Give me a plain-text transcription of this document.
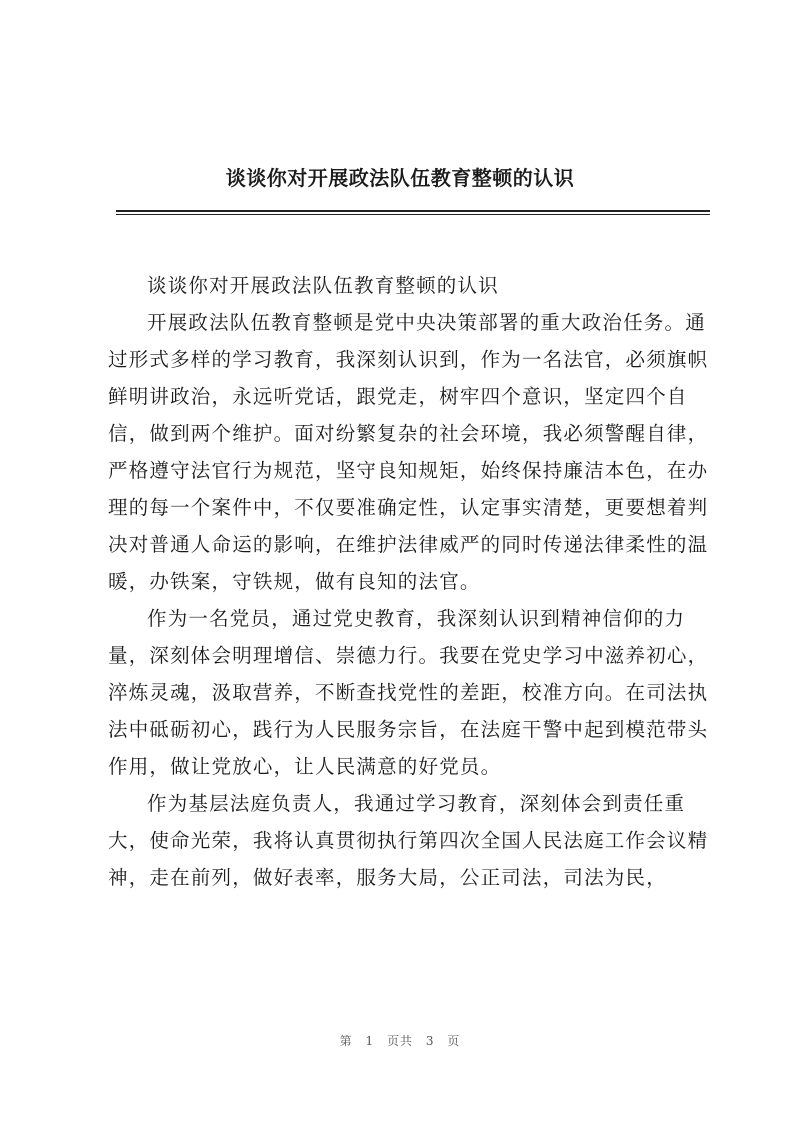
谈谈你对开展政法队伍教育整顿的认识

谈谈你对开展政法队伍教育整顿的认识

开展政法队伍教育整顿是党中央决策部署的重大政治任务。通过形式多样的学习教育，我深刻认识到，作为一名法官，必须旗帜鲜明讲政治，永远听党话，跟党走，树牢四个意识，坚定四个自信，做到两个维护。面对纷繁复杂的社会环境，我必须警醒自律，严格遵守法官行为规范，坚守良知规矩，始终保持廉洁本色，在办理的每一个案件中，不仅要准确定性，认定事实清楚，更要想着判决对普通人命运的影响，在维护法律威严的同时传递法律柔性的温暖，办铁案，守铁规，做有良知的法官。

作为一名党员，通过党史教育，我深刻认识到精神信仰的力量，深刻体会明理增信、崇德力行。我要在党史学习中滋养初心，淬炼灵魂，汲取营养，不断查找党性的差距，校准方向。在司法执法中砥砺初心，践行为人民服务宗旨，在法庭干警中起到模范带头作用，做让党放心，让人民满意的好党员。

作为基层法庭负责人，我通过学习教育，深刻体会到责任重大，使命光荣，我将认真贯彻执行第四次全国人民法庭工作会议精神，走在前列，做好表率，服务大局，公正司法，司法为民，

第 1 页共 3 页
